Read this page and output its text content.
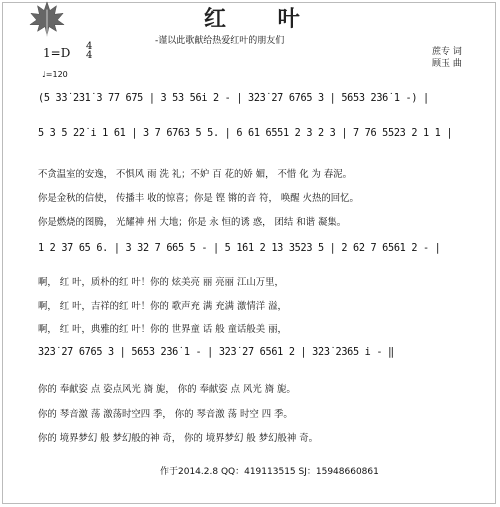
红 叶
-谨以此歌献给热爱红叶的朋友们
蔗专 词
顾玉 曲
1=D 4
4
♩=120
(5 3̇3̇ 2̇3̇1̇ 3 77 675 | 3 53 56i 2 - | 3̇2̇3̇ 2̇7 6765 3 | 5653 2̇36̇ 1 -) |
5 3 5 2̇2̇ i 1 6̇1 | 3 7 6763 5 5. | 6 6̇1 6551 2 3 2 3 | 7 76 5523 2 1 1 |
不贪温室的安逸， 不惧风 雨 洗 礼；不妒 百 花的娇 媚， 不惜 化 为 春泥。
你是金秋的信使， 传播丰 收的惊喜；你是 铿 锵的音 符， 唤醒 火热的回忆。
你是燃烧的图腾， 光耀神 州 大地；你是 永 恒的诱 惑， 团结 和谐 凝集。
1 2 3̇7 6̇5 6. | 3 3̇2 7 665 5 - | 5 1̇6̇1 2 1̇3 3523 5 | 2 6̇2 7 6561 2 - |
啊， 红 叶，质朴的红 叶！你的 炫美亮 丽 亮丽 江山万里，
啊， 红 叶，吉祥的红 叶！你的 歌声充 满 充满 激情洋 溢，
啊， 红 叶，典雅的红 叶！你的 世界童 话 般 童话般美 丽，
3̇2̇3̇ 2̇7 6765 3 | 5653 2̇36̇ 1 - | 3̇2̇3̇ 2̇7 6561 2 | 3̇2̇3̇ 2̇365 i - ‖
你的 奉献姿 点 姿点风光 旖 旎， 你的 奉献姿 点 风光 旖 旎。
你的 琴音激 荡 激荡时空四 季， 你的 琴音激 荡 时空 四 季。
你的 境界梦幻 般 梦幻般的神 奇， 你的 境界梦幻 般 梦幻般神 奇。
作于2014.2.8 QQ：419113515 SJ：15948660861
